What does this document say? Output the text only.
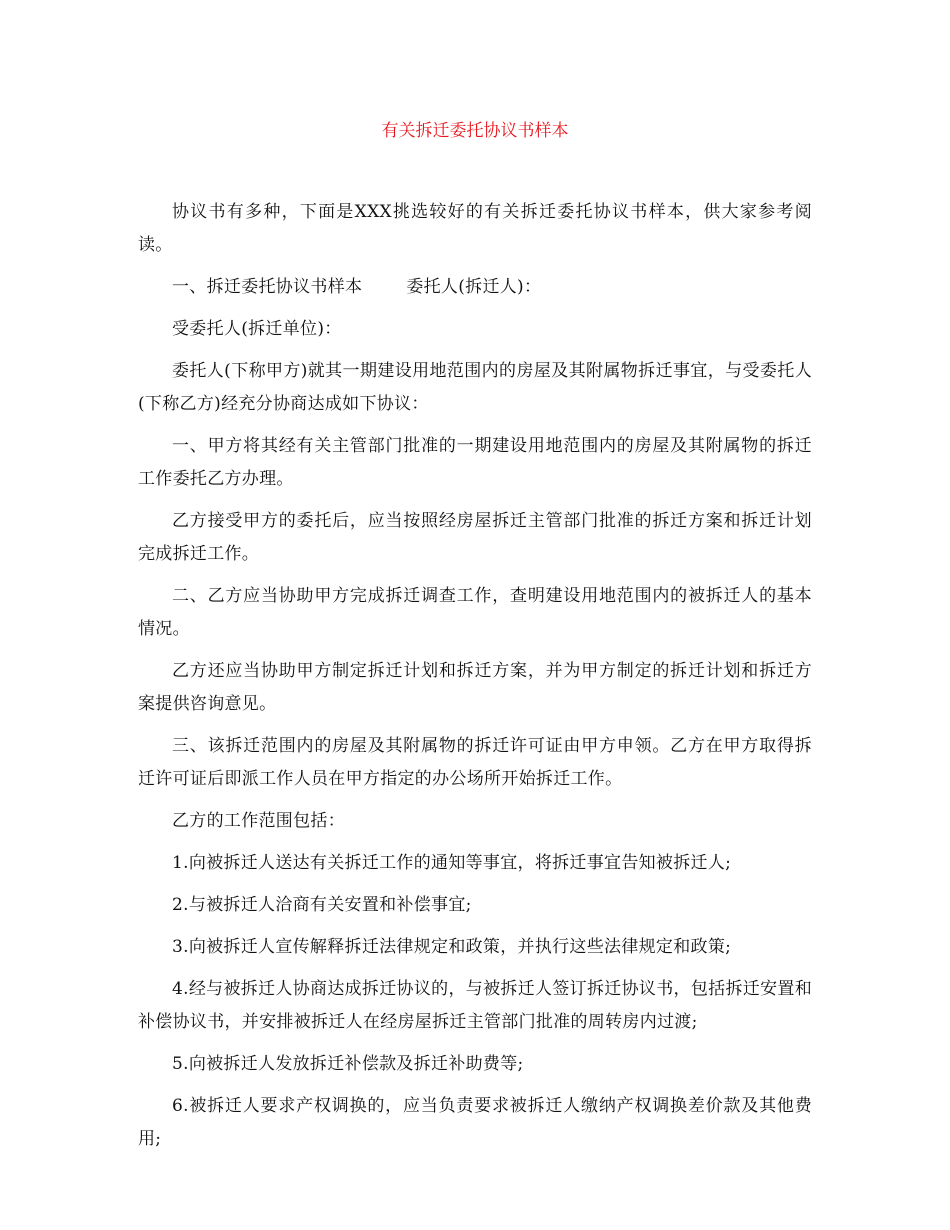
有关拆迁委托协议书样本

协议书有多种，下面是XXX挑选较好的有关拆迁委托协议书样本，供大家参考阅读。

一、拆迁委托协议书样本	委托人(拆迁人)：

受委托人(拆迁单位)：

委托人(下称甲方)就其一期建设用地范围内的房屋及其附属物拆迁事宜，与受委托人(下称乙方)经充分协商达成如下协议：

一、甲方将其经有关主管部门批准的一期建设用地范围内的房屋及其附属物的拆迁工作委托乙方办理。

乙方接受甲方的委托后，应当按照经房屋拆迁主管部门批准的拆迁方案和拆迁计划完成拆迁工作。

二、乙方应当协助甲方完成拆迁调查工作，查明建设用地范围内的被拆迁人的基本情况。

乙方还应当协助甲方制定拆迁计划和拆迁方案，并为甲方制定的拆迁计划和拆迁方案提供咨询意见。

三、该拆迁范围内的房屋及其附属物的拆迁许可证由甲方申领。乙方在甲方取得拆迁许可证后即派工作人员在甲方指定的办公场所开始拆迁工作。

乙方的工作范围包括：

1.向被拆迁人送达有关拆迁工作的通知等事宜，将拆迁事宜告知被拆迁人;

2.与被拆迁人洽商有关安置和补偿事宜;

3.向被拆迁人宣传解释拆迁法律规定和政策，并执行这些法律规定和政策;

4.经与被拆迁人协商达成拆迁协议的，与被拆迁人签订拆迁协议书，包括拆迁安置和补偿协议书，并安排被拆迁人在经房屋拆迁主管部门批准的周转房内过渡;

5.向被拆迁人发放拆迁补偿款及拆迁补助费等;

6.被拆迁人要求产权调换的，应当负责要求被拆迁人缴纳产权调换差价款及其他费用;
